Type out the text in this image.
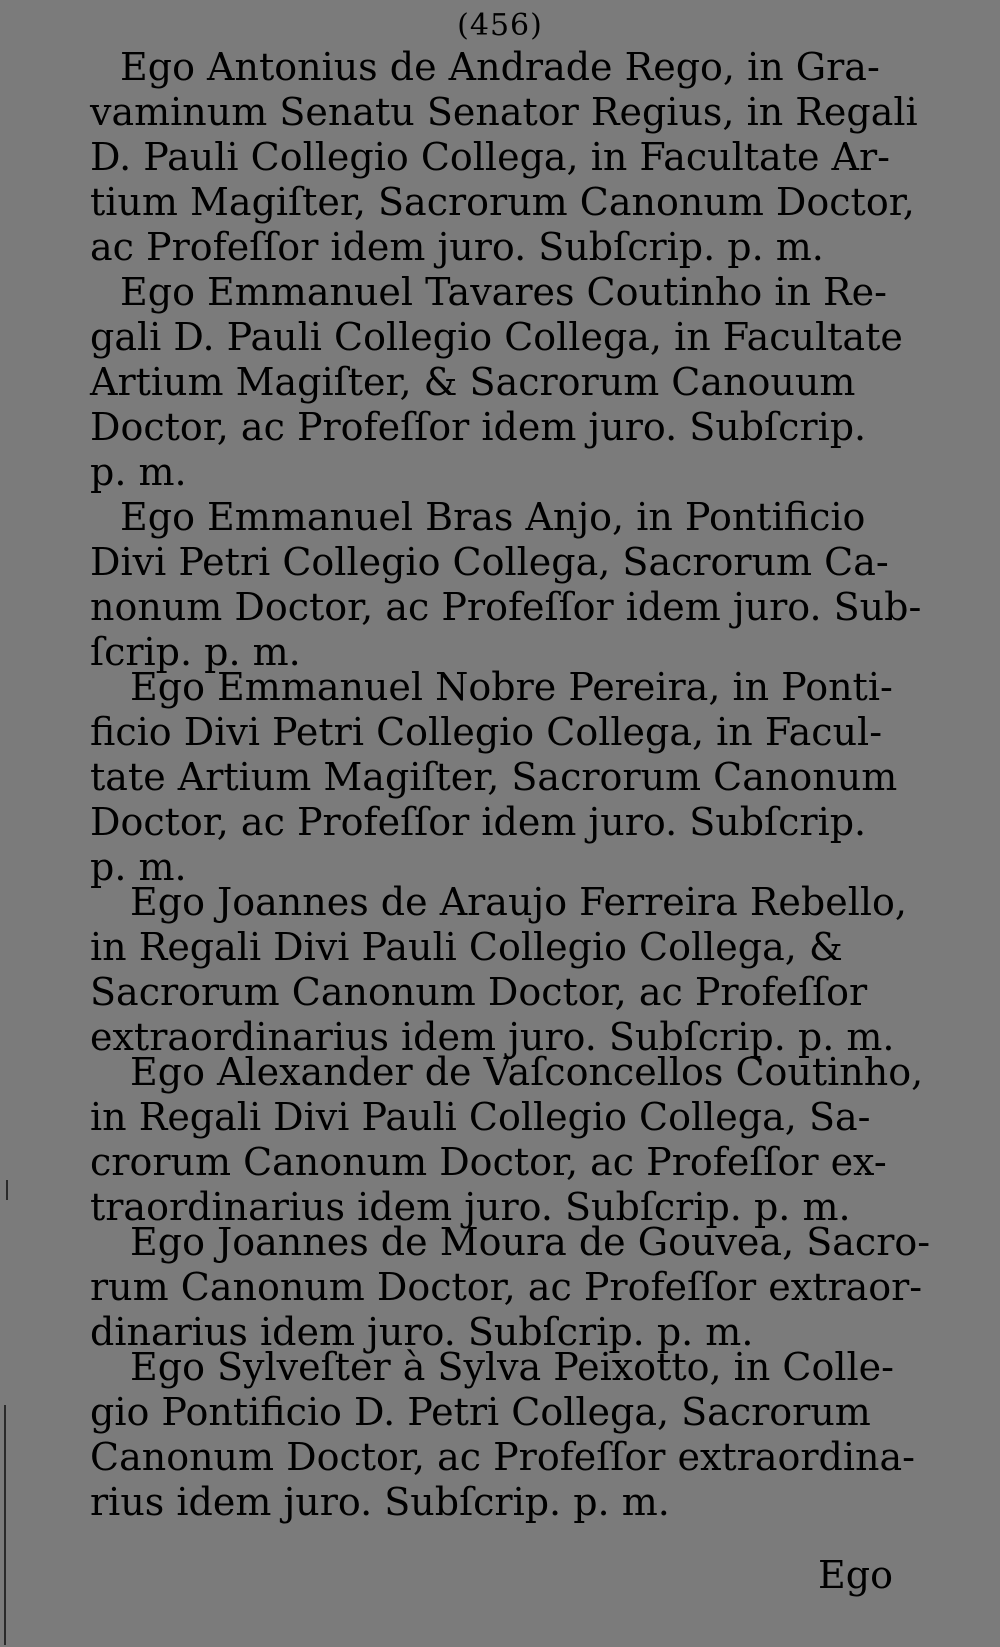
(456)
Ego Antonius de Andrade Rego, in Gra-
vaminum Senatu Senator Regius, in Regali
D. Pauli Collegio Collega, in Facultate Ar-
tium Magiſter, Sacrorum Canonum Doctor,
ac Profeſſor idem juro. Subſcrip. p. m.
Ego Emmanuel Tavares Coutinho in Re-
gali D. Pauli Collegio Collega, in Facultate
Artium Magiſter, & Sacrorum Canouum
Doctor, ac Profeſſor idem juro. Subſcrip.
p. m.
Ego Emmanuel Bras Anjo, in Pontificio
Divi Petri Collegio Collega, Sacrorum Ca-
nonum Doctor, ac Profeſſor idem juro. Sub-
ſcrip. p. m.
Ego Emmanuel Nobre Pereira, in Ponti-
ficio Divi Petri Collegio Collega, in Facul-
tate Artium Magiſter, Sacrorum Canonum
Doctor, ac Profeſſor idem juro. Subſcrip.
p. m.
Ego Joannes de Araujo Ferreira Rebello,
in Regali Divi Pauli Collegio Collega, &
Sacrorum Canonum Doctor, ac Profeſſor
extraordinarius idem juro. Subſcrip. p. m.
Ego Alexander de Vaſconcellos Coutinho,
in Regali Divi Pauli Collegio Collega, Sa-
crorum Canonum Doctor, ac Profeſſor ex-
traordinarius idem juro. Subſcrip. p. m.
Ego Joannes de Moura de Gouvea, Sacro-
rum Canonum Doctor, ac Profeſſor extraor-
dinarius idem juro. Subſcrip. p. m.
Ego Sylveſter à Sylva Peixotto, in Colle-
gio Pontificio D. Petri Collega, Sacrorum
Canonum Doctor, ac Profeſſor extraordina-
rius idem juro. Subſcrip. p. m.
Ego
